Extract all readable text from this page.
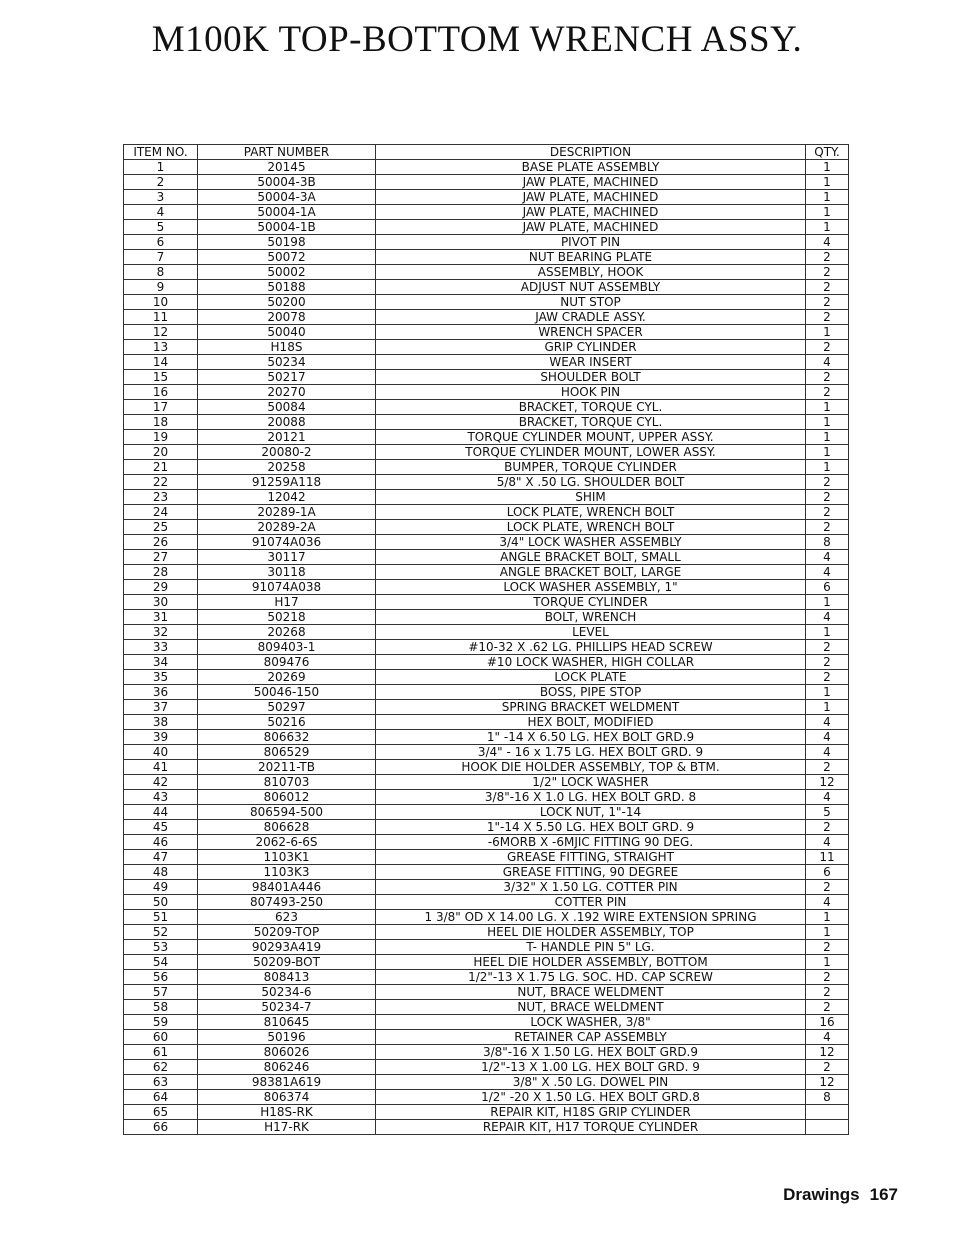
M100K TOP-BOTTOM WRENCH ASSY.
ITEM NO.	PART NUMBER	DESCRIPTION	QTY.
1	20145	BASE PLATE ASSEMBLY	1
2	50004-3B	JAW PLATE, MACHINED	1
3	50004-3A	JAW PLATE, MACHINED	1
4	50004-1A	JAW PLATE, MACHINED	1
5	50004-1B	JAW PLATE, MACHINED	1
6	50198	PIVOT PIN	4
7	50072	NUT BEARING PLATE	2
8	50002	ASSEMBLY, HOOK	2
9	50188	ADJUST NUT ASSEMBLY	2
10	50200	NUT STOP	2
11	20078	JAW CRADLE ASSY.	2
12	50040	WRENCH SPACER	1
13	H18S	GRIP CYLINDER	2
14	50234	WEAR INSERT	4
15	50217	SHOULDER BOLT	2
16	20270	HOOK PIN	2
17	50084	BRACKET, TORQUE CYL.	1
18	20088	BRACKET, TORQUE CYL.	1
19	20121	TORQUE CYLINDER MOUNT, UPPER ASSY.	1
20	20080-2	TORQUE CYLINDER MOUNT, LOWER ASSY.	1
21	20258	BUMPER, TORQUE CYLINDER	1
22	91259A118	5/8" X .50 LG. SHOULDER BOLT	2
23	12042	SHIM	2
24	20289-1A	LOCK PLATE, WRENCH BOLT	2
25	20289-2A	LOCK PLATE, WRENCH BOLT	2
26	91074A036	3/4" LOCK WASHER ASSEMBLY	8
27	30117	ANGLE BRACKET BOLT, SMALL	4
28	30118	ANGLE BRACKET BOLT, LARGE	4
29	91074A038	LOCK WASHER ASSEMBLY, 1"	6
30	H17	TORQUE CYLINDER	1
31	50218	BOLT, WRENCH	4
32	20268	LEVEL	1
33	809403-1	#10-32 X .62 LG. PHILLIPS HEAD SCREW	2
34	809476	#10 LOCK WASHER, HIGH COLLAR	2
35	20269	LOCK PLATE	2
36	50046-150	BOSS, PIPE STOP	1
37	50297	SPRING BRACKET WELDMENT	1
38	50216	HEX BOLT, MODIFIED	4
39	806632	1" -14 X 6.50 LG. HEX BOLT GRD.9	4
40	806529	3/4" - 16 x 1.75 LG. HEX BOLT GRD. 9	4
41	20211-TB	HOOK DIE HOLDER ASSEMBLY, TOP & BTM.	2
42	810703	1/2" LOCK WASHER	12
43	806012	3/8"-16 X 1.0 LG. HEX BOLT GRD. 8	4
44	806594-500	LOCK NUT, 1"-14	5
45	806628	1"-14 X 5.50 LG. HEX BOLT GRD. 9	2
46	2062-6-6S	-6MORB X -6MJIC FITTING 90 DEG.	4
47	1103K1	GREASE FITTING, STRAIGHT	11
48	1103K3	GREASE FITTING, 90 DEGREE	6
49	98401A446	3/32" X 1.50 LG. COTTER PIN	2
50	807493-250	COTTER PIN	4
51	623	1 3/8" OD X 14.00 LG. X .192 WIRE EXTENSION SPRING	1
52	50209-TOP	HEEL DIE HOLDER ASSEMBLY, TOP	1
53	90293A419	T- HANDLE PIN 5" LG.	2
54	50209-BOT	HEEL DIE HOLDER ASSEMBLY, BOTTOM	1
56	808413	1/2"-13 X 1.75 LG. SOC. HD. CAP SCREW	2
57	50234-6	NUT, BRACE WELDMENT	2
58	50234-7	NUT, BRACE WELDMENT	2
59	810645	LOCK WASHER, 3/8"	16
60	50196	RETAINER CAP ASSEMBLY	4
61	806026	3/8"-16 X 1.50 LG. HEX BOLT GRD.9	12
62	806246	1/2"-13 X 1.00 LG. HEX BOLT GRD. 9	2
63	98381A619	3/8" X .50 LG. DOWEL PIN	12
64	806374	1/2" -20 X 1.50 LG. HEX BOLT GRD.8	8
65	H18S-RK	REPAIR KIT, H18S GRIP CYLINDER	
66	H17-RK	REPAIR KIT, H17 TORQUE CYLINDER	
Drawings 167
